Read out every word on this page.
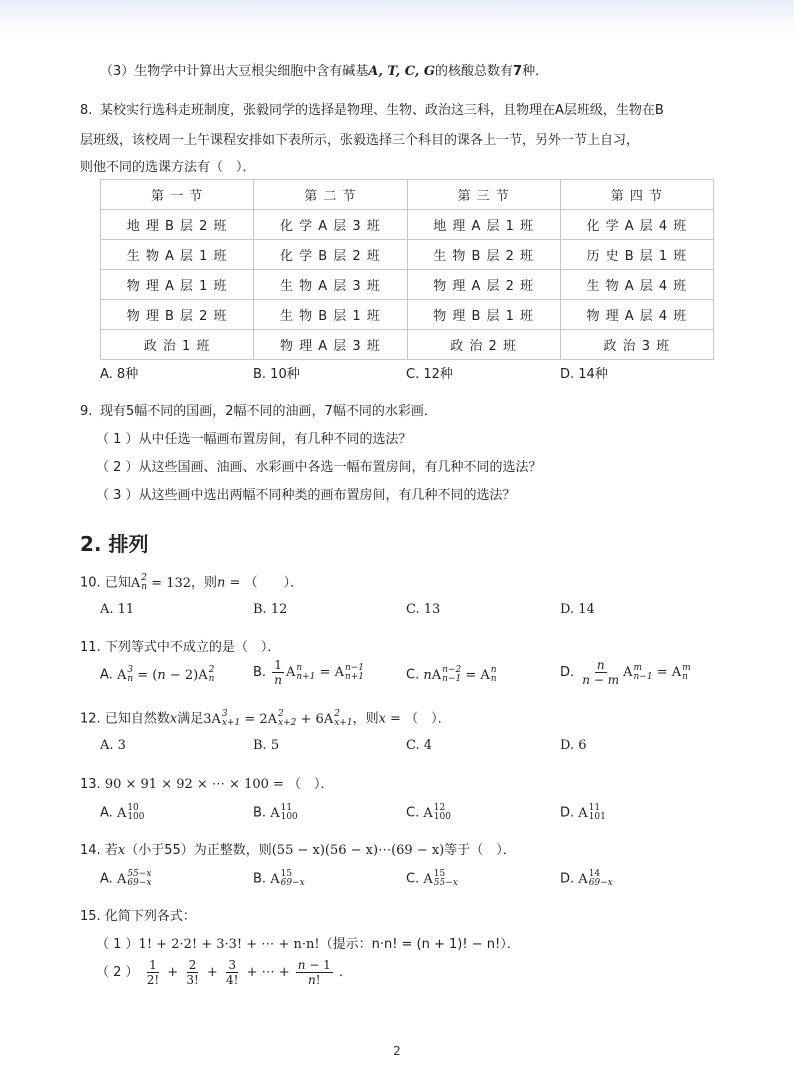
（3）生物学中计算出大豆根尖细胞中含有碱基A, T, C, G的核酸总数有7种．
8. 某校实行选科走班制度，张毅同学的选择是物理、生物、政治这三科，且物理在A层班级，生物在B
层班级，该校周一上午课程安排如下表所示，张毅选择三个科目的课各上一节，另外一节上自习，
则他不同的选课方法有（　）．
第 一 节	第 二 节	第 三 节	第 四 节
地 理 B 层 2 班	化 学 A 层 3 班	地 理 A 层 1 班	化 学 A 层 4 班
生 物 A 层 1 班	化 学 B 层 2 班	生 物 B 层 2 班	历 史 B 层 1 班
物 理 A 层 1 班	生 物 A 层 3 班	物 理 A 层 2 班	生 物 A 层 4 班
物 理 B 层 2 班	生 物 B 层 1 班	物 理 B 层 1 班	物 理 A 层 4 班
政 治 1 班	物 理 A 层 3 班	政 治 2 班	政 治 3 班
A. 8种	B. 10种	C. 12种	D. 14种
9. 现有5幅不同的国画，2幅不同的油画，7幅不同的水彩画．
（ 1 ）从中任选一幅画布置房间，有几种不同的选法？
（ 2 ）从这些国画、油画、水彩画中各选一幅布置房间，有几种不同的选法？
（ 3 ）从这些画中选出两幅不同种类的画布置房间，有几种不同的选法？
2. 排列
10. 已知A 2
n = 132，则n = （　　）．
A. 11	B. 12	C. 13	D. 14
11. 下列等式中不成立的是（　）．
A. A 3
n = (n − 2)A 2
n	B. $\frac{1}{n}$ A n
n+1 = A n−1
n+1	C. nA n−2
n−1 = A n
n	D. $\frac{n}{n - m}$ A m
n−1 = A m
n
12. 已知自然数x满足3A 3
x+1 = 2A 2
x+2 + 6A 2
x+1 ，则x = （　）．
A. 3	B. 5	C. 4	D. 6
13. 90 × 91 × 92 × ⋯ × 100 = （　）．
A. A 10
100	B. A 11
100	C. A 12
100	D. A 11
101
14. 若x（小于55）为正整数，则(55 − x)(56 − x)⋯(69 − x)等于（　）．
A. A 55−x
69−x	B. A 15
69−x	C. A 15
55−x	D. A 14
69−x
15. 化简下列各式：
（ 1 ）1! + 2·2! + 3·3! + ⋯ + n·n!（提示：n·n! = (n + 1)! − n!）．
（ 2 ） $\frac{1}{2!} + \frac{2}{3!} + \frac{3}{4!}$ + ⋯ + $\frac{n - 1}{n!}$ ．
2
